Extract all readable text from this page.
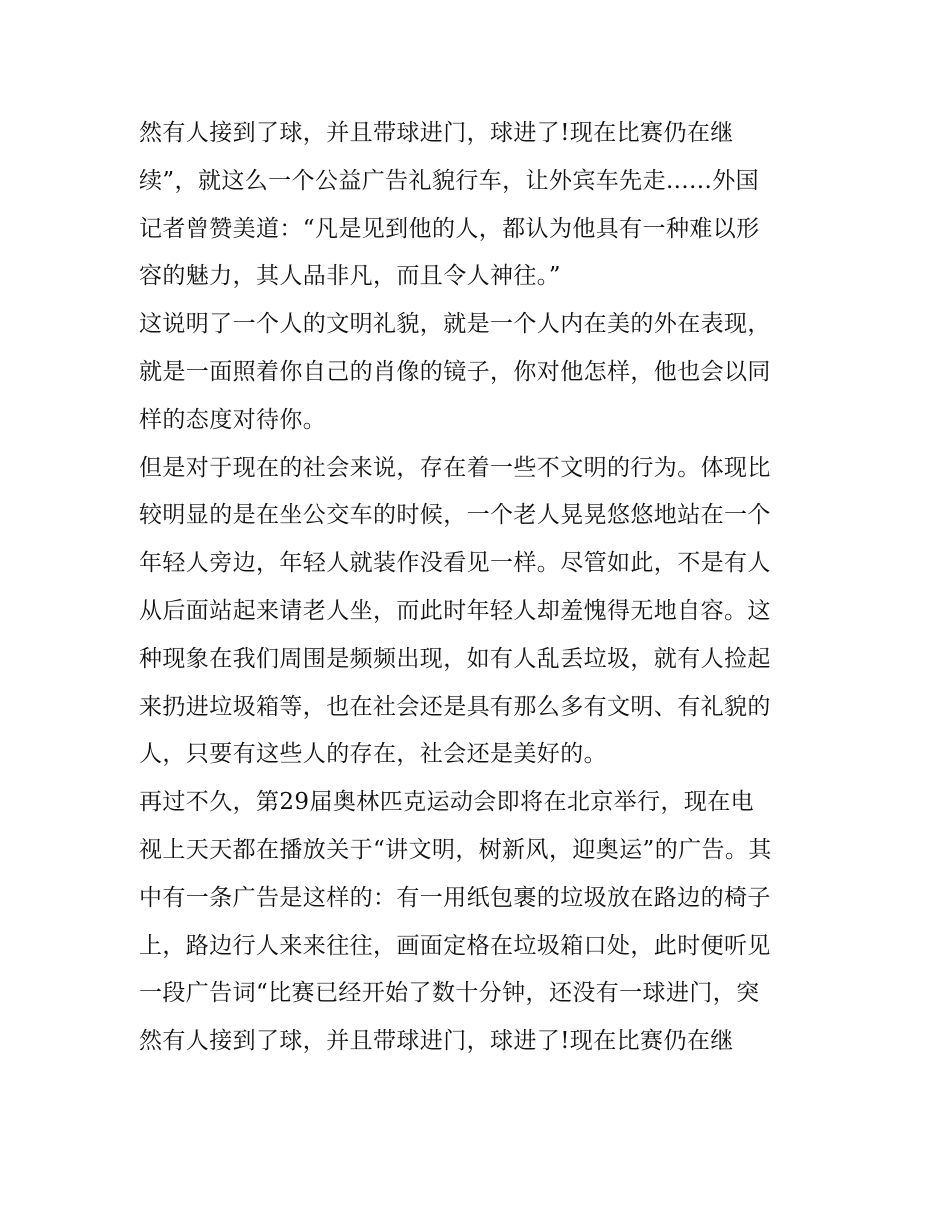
然有人接到了球，并且带球进门，球进了!现在比赛仍在继
续”，就这么一个公益广告礼貌行车，让外宾车先走......外国
记者曾赞美道：“凡是见到他的人，都认为他具有一种难以形
容的魅力，其人品非凡，而且令人神往。”
这说明了一个人的文明礼貌，就是一个人内在美的外在表现，
就是一面照着你自己的肖像的镜子，你对他怎样，他也会以同
样的态度对待你。
但是对于现在的社会来说，存在着一些不文明的行为。体现比
较明显的是在坐公交车的时候，一个老人晃晃悠悠地站在一个
年轻人旁边，年轻人就装作没看见一样。尽管如此，不是有人
从后面站起来请老人坐，而此时年轻人却羞愧得无地自容。这
种现象在我们周围是频频出现，如有人乱丢垃圾，就有人捡起
来扔进垃圾箱等，也在社会还是具有那么多有文明、有礼貌的
人，只要有这些人的存在，社会还是美好的。
再过不久，第29届奥林匹克运动会即将在北京举行，现在电
视上天天都在播放关于“讲文明，树新风，迎奥运”的广告。其
中有一条广告是这样的：有一用纸包裹的垃圾放在路边的椅子
上，路边行人来来往往，画面定格在垃圾箱口处，此时便听见
一段广告词“比赛已经开始了数十分钟，还没有一球进门，突
然有人接到了球，并且带球进门，球进了!现在比赛仍在继
